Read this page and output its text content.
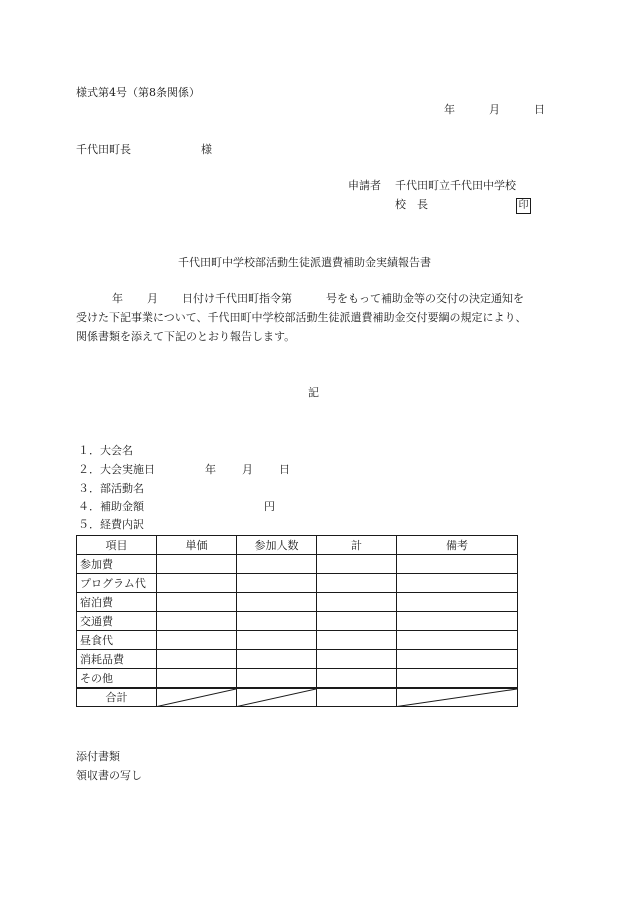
様式第4号（第8条関係）
年	月	日
千代田町長	様
申請者 千代田町立千代田中学校
校　長	印
千代田町中学校部活動生徒派遣費補助金実績報告書
年 月 日付け千代田町指令第	号をもって補助金等の交付の決定通知を
受けた下記事業について、千代田町中学校部活動生徒派遣費補助金交付要綱の規定により、
関係書類を添えて下記のとおり報告します。
記
１．大会名
２．大会実施日	年 月 日
３．部活動名
４．補助金額	円
５．経費内訳
項目	単価	参加人数	計	備考
参加費				
プログラム代				
宿泊費				
交通費				
昼食代				
消耗品費				
その他				
合計	

添付書類
領収書の写し
